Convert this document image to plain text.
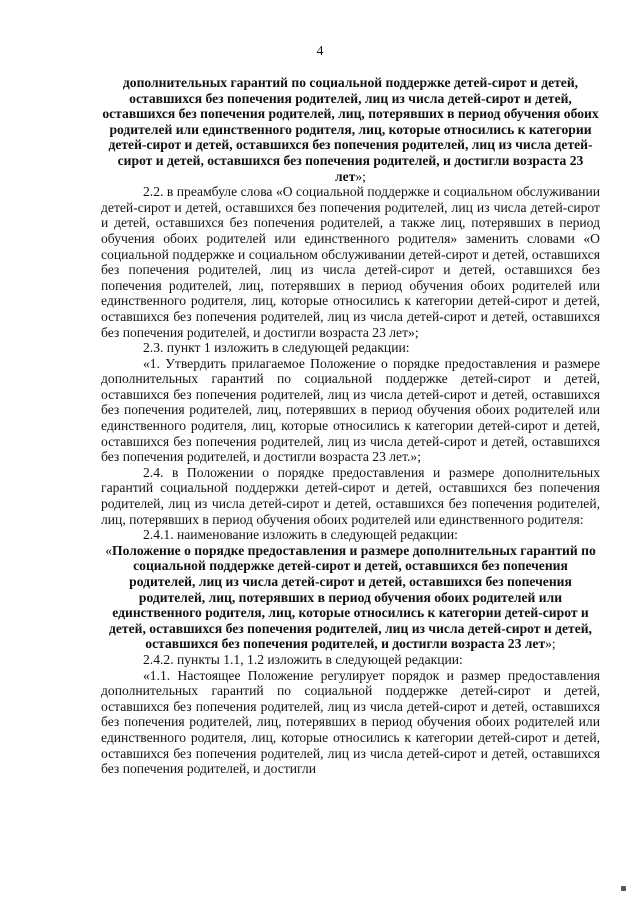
4

дополнительных гарантий по социальной поддержке детей-сирот и детей, оставшихся без попечения родителей, лиц из числа детей-сирот и детей, оставшихся без попечения родителей, лиц, потерявших в период обучения обоих родителей или единственного родителя, лиц, которые относились к категории детей-сирот и детей, оставшихся без попечения родителей, лиц из числа детей-сирот и детей, оставшихся без попечения родителей, и достигли возраста 23 лет»;

2.2. в преамбуле слова «О социальной поддержке и социальном обслуживании детей-сирот и детей, оставшихся без попечения родителей, лиц из числа детей-сирот и детей, оставшихся без попечения родителей, а также лиц, потерявших в период обучения обоих родителей или единственного родителя» заменить словами «О социальной поддержке и социальном обслуживании детей-сирот и детей, оставшихся без попечения родителей, лиц из числа детей-сирот и детей, оставшихся без попечения родителей, лиц, потерявших в период обучения обоих родителей или единственного родителя, лиц, которые относились к категории детей-сирот и детей, оставшихся без попечения родителей, лиц из числа детей-сирот и детей, оставшихся без попечения родителей, и достигли возраста 23 лет»;

2.3. пункт 1 изложить в следующей редакции:

«1. Утвердить прилагаемое Положение о порядке предоставления и размере дополнительных гарантий по социальной поддержке детей-сирот и детей, оставшихся без попечения родителей, лиц из числа детей-сирот и детей, оставшихся без попечения родителей, лиц, потерявших в период обучения обоих родителей или единственного родителя, лиц, которые относились к категории детей-сирот и детей, оставшихся без попечения родителей, лиц из числа детей-сирот и детей, оставшихся без попечения родителей, и достигли возраста 23 лет.»;

2.4. в Положении о порядке предоставления и размере дополнительных гарантий социальной поддержки детей-сирот и детей, оставшихся без попечения родителей, лиц из числа детей-сирот и детей, оставшихся без попечения родителей, лиц, потерявших в период обучения обоих родителей или единственного родителя:

2.4.1. наименование изложить в следующей редакции:

«Положение о порядке предоставления и размере дополнительных гарантий по социальной поддержке детей-сирот и детей, оставшихся без попечения родителей, лиц из числа детей-сирот и детей, оставшихся без попечения родителей, лиц, потерявших в период обучения обоих родителей или единственного родителя, лиц, которые относились к категории детей-сирот и детей, оставшихся без попечения родителей, лиц из числа детей-сирот и детей, оставшихся без попечения родителей, и достигли возраста 23 лет»;

2.4.2. пункты 1.1, 1.2 изложить в следующей редакции:

«1.1. Настоящее Положение регулирует порядок и размер предоставления дополнительных гарантий по социальной поддержке детей-сирот и детей, оставшихся без попечения родителей, лиц из числа детей-сирот и детей, оставшихся без попечения родителей, лиц, потерявших в период обучения обоих родителей или единственного родителя, лиц, которые относились к категории детей-сирот и детей, оставшихся без попечения родителей, лиц из числа детей-сирот и детей, оставшихся без попечения родителей, и достигли
